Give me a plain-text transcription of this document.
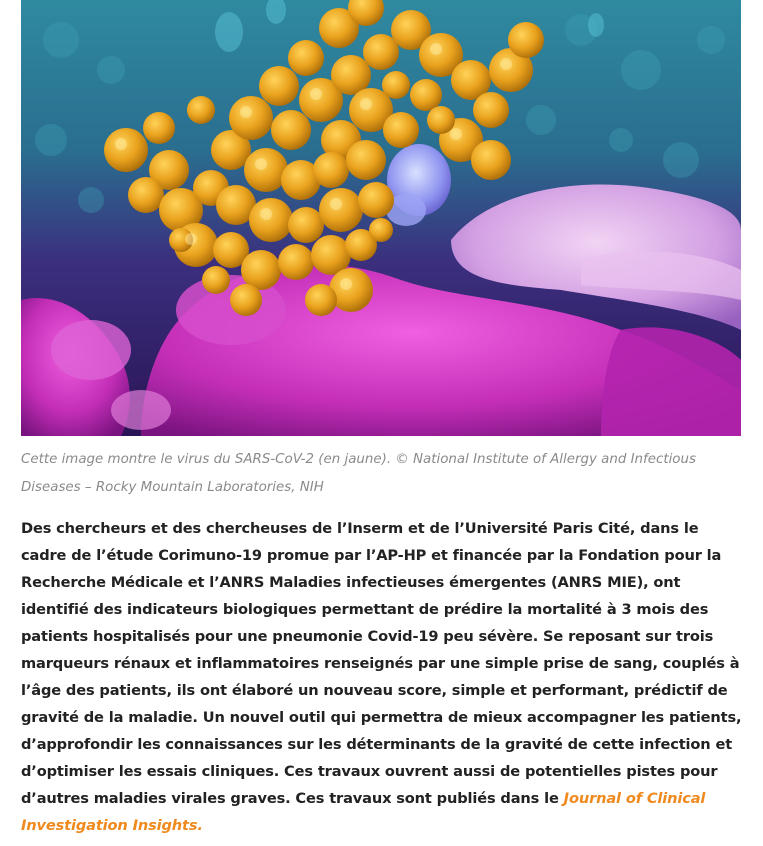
Cette image montre le virus du SARS-CoV-2 (en jaune). © National Institute of Allergy and Infectious Diseases – Rocky Mountain Laboratories, NIH

Des chercheurs et des chercheuses de l’Inserm et de l’Université Paris Cité, dans le cadre de l’étude Corimuno-19 promue par l’AP-HP et financée par la Fondation pour la Recherche Médicale et l’ANRS Maladies infectieuses émergentes (ANRS MIE), ont identifié des indicateurs biologiques permettant de prédire la mortalité à 3 mois des patients hospitalisés pour une pneumonie Covid-19 peu sévère. Se reposant sur trois marqueurs rénaux et inflammatoires renseignés par une simple prise de sang, couplés à l’âge des patients, ils ont élaboré un nouveau score, simple et performant, prédictif de gravité de la maladie. Un nouvel outil qui permettra de mieux accompagner les patients, d’approfondir les connaissances sur les déterminants de la gravité de cette infection et d’optimiser les essais cliniques. Ces travaux ouvrent aussi de potentielles pistes pour d’autres maladies virales graves. Ces travaux sont publiés dans le Journal of Clinical Investigation Insights.
